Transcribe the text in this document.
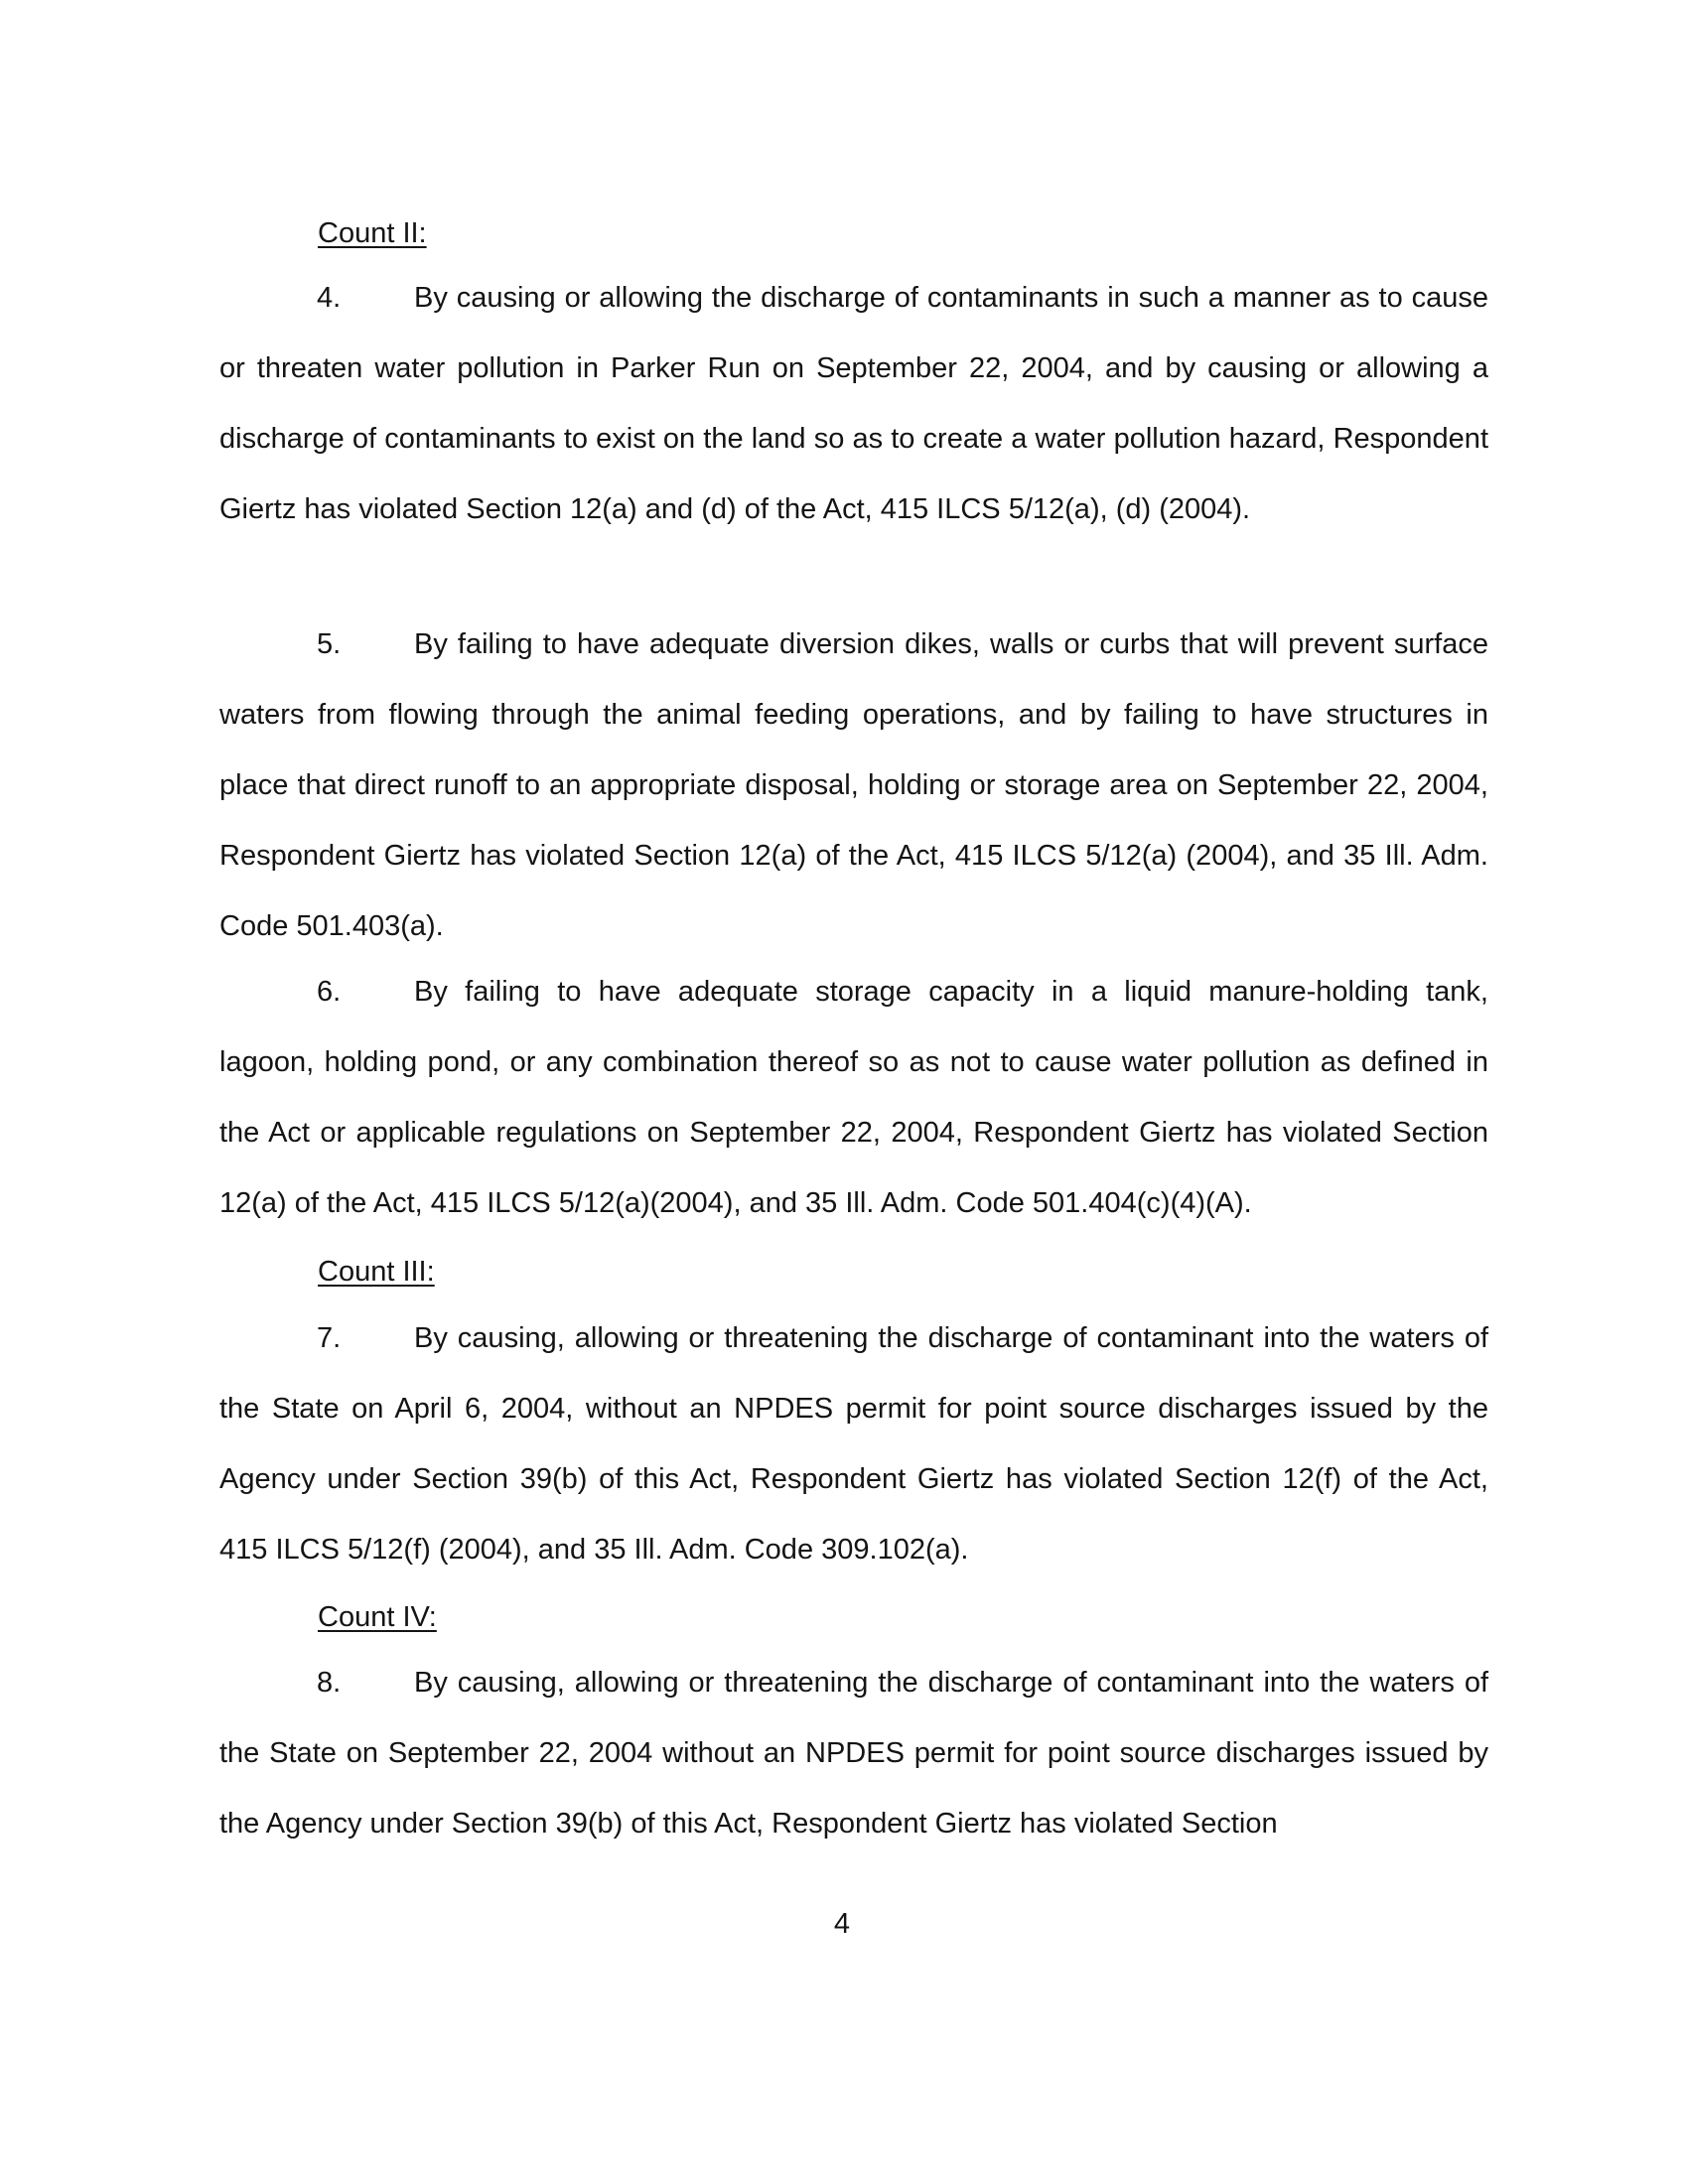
Count II:

4.	By causing or allowing the discharge of contaminants in such a manner as to cause or threaten water pollution in Parker Run on September 22, 2004, and by causing or allowing a discharge of contaminants to exist on the land so as to create a water pollution hazard, Respondent Giertz has violated Section 12(a) and (d) of the Act, 415 ILCS 5/12(a), (d) (2004).

5.	By failing to have adequate diversion dikes, walls or curbs that will prevent surface waters from flowing through the animal feeding operations, and by failing to have structures in place that direct runoff to an appropriate disposal, holding or storage area on September 22, 2004, Respondent Giertz has violated Section 12(a) of the Act, 415 ILCS 5/12(a) (2004), and 35 Ill. Adm. Code 501.403(a).

6.	By failing to have adequate storage capacity in a liquid manure-holding tank, lagoon, holding pond, or any combination thereof so as not to cause water pollution as defined in the Act or applicable regulations on September 22, 2004, Respondent Giertz has violated Section 12(a) of the Act, 415 ILCS 5/12(a)(2004), and 35 Ill. Adm. Code 501.404(c)(4)(A).

Count III:

7.	By causing, allowing or threatening the discharge of contaminant into the waters of the State on April 6, 2004, without an NPDES permit for point source discharges issued by the Agency under Section 39(b) of this Act, Respondent Giertz has violated Section 12(f) of the Act, 415 ILCS 5/12(f) (2004), and 35 Ill. Adm. Code 309.102(a).

Count IV:

8.	By causing, allowing or threatening the discharge of contaminant into the waters of the State on September 22, 2004 without an NPDES permit for point source discharges issued by the Agency under Section 39(b) of this Act, Respondent Giertz has violated Section

4
